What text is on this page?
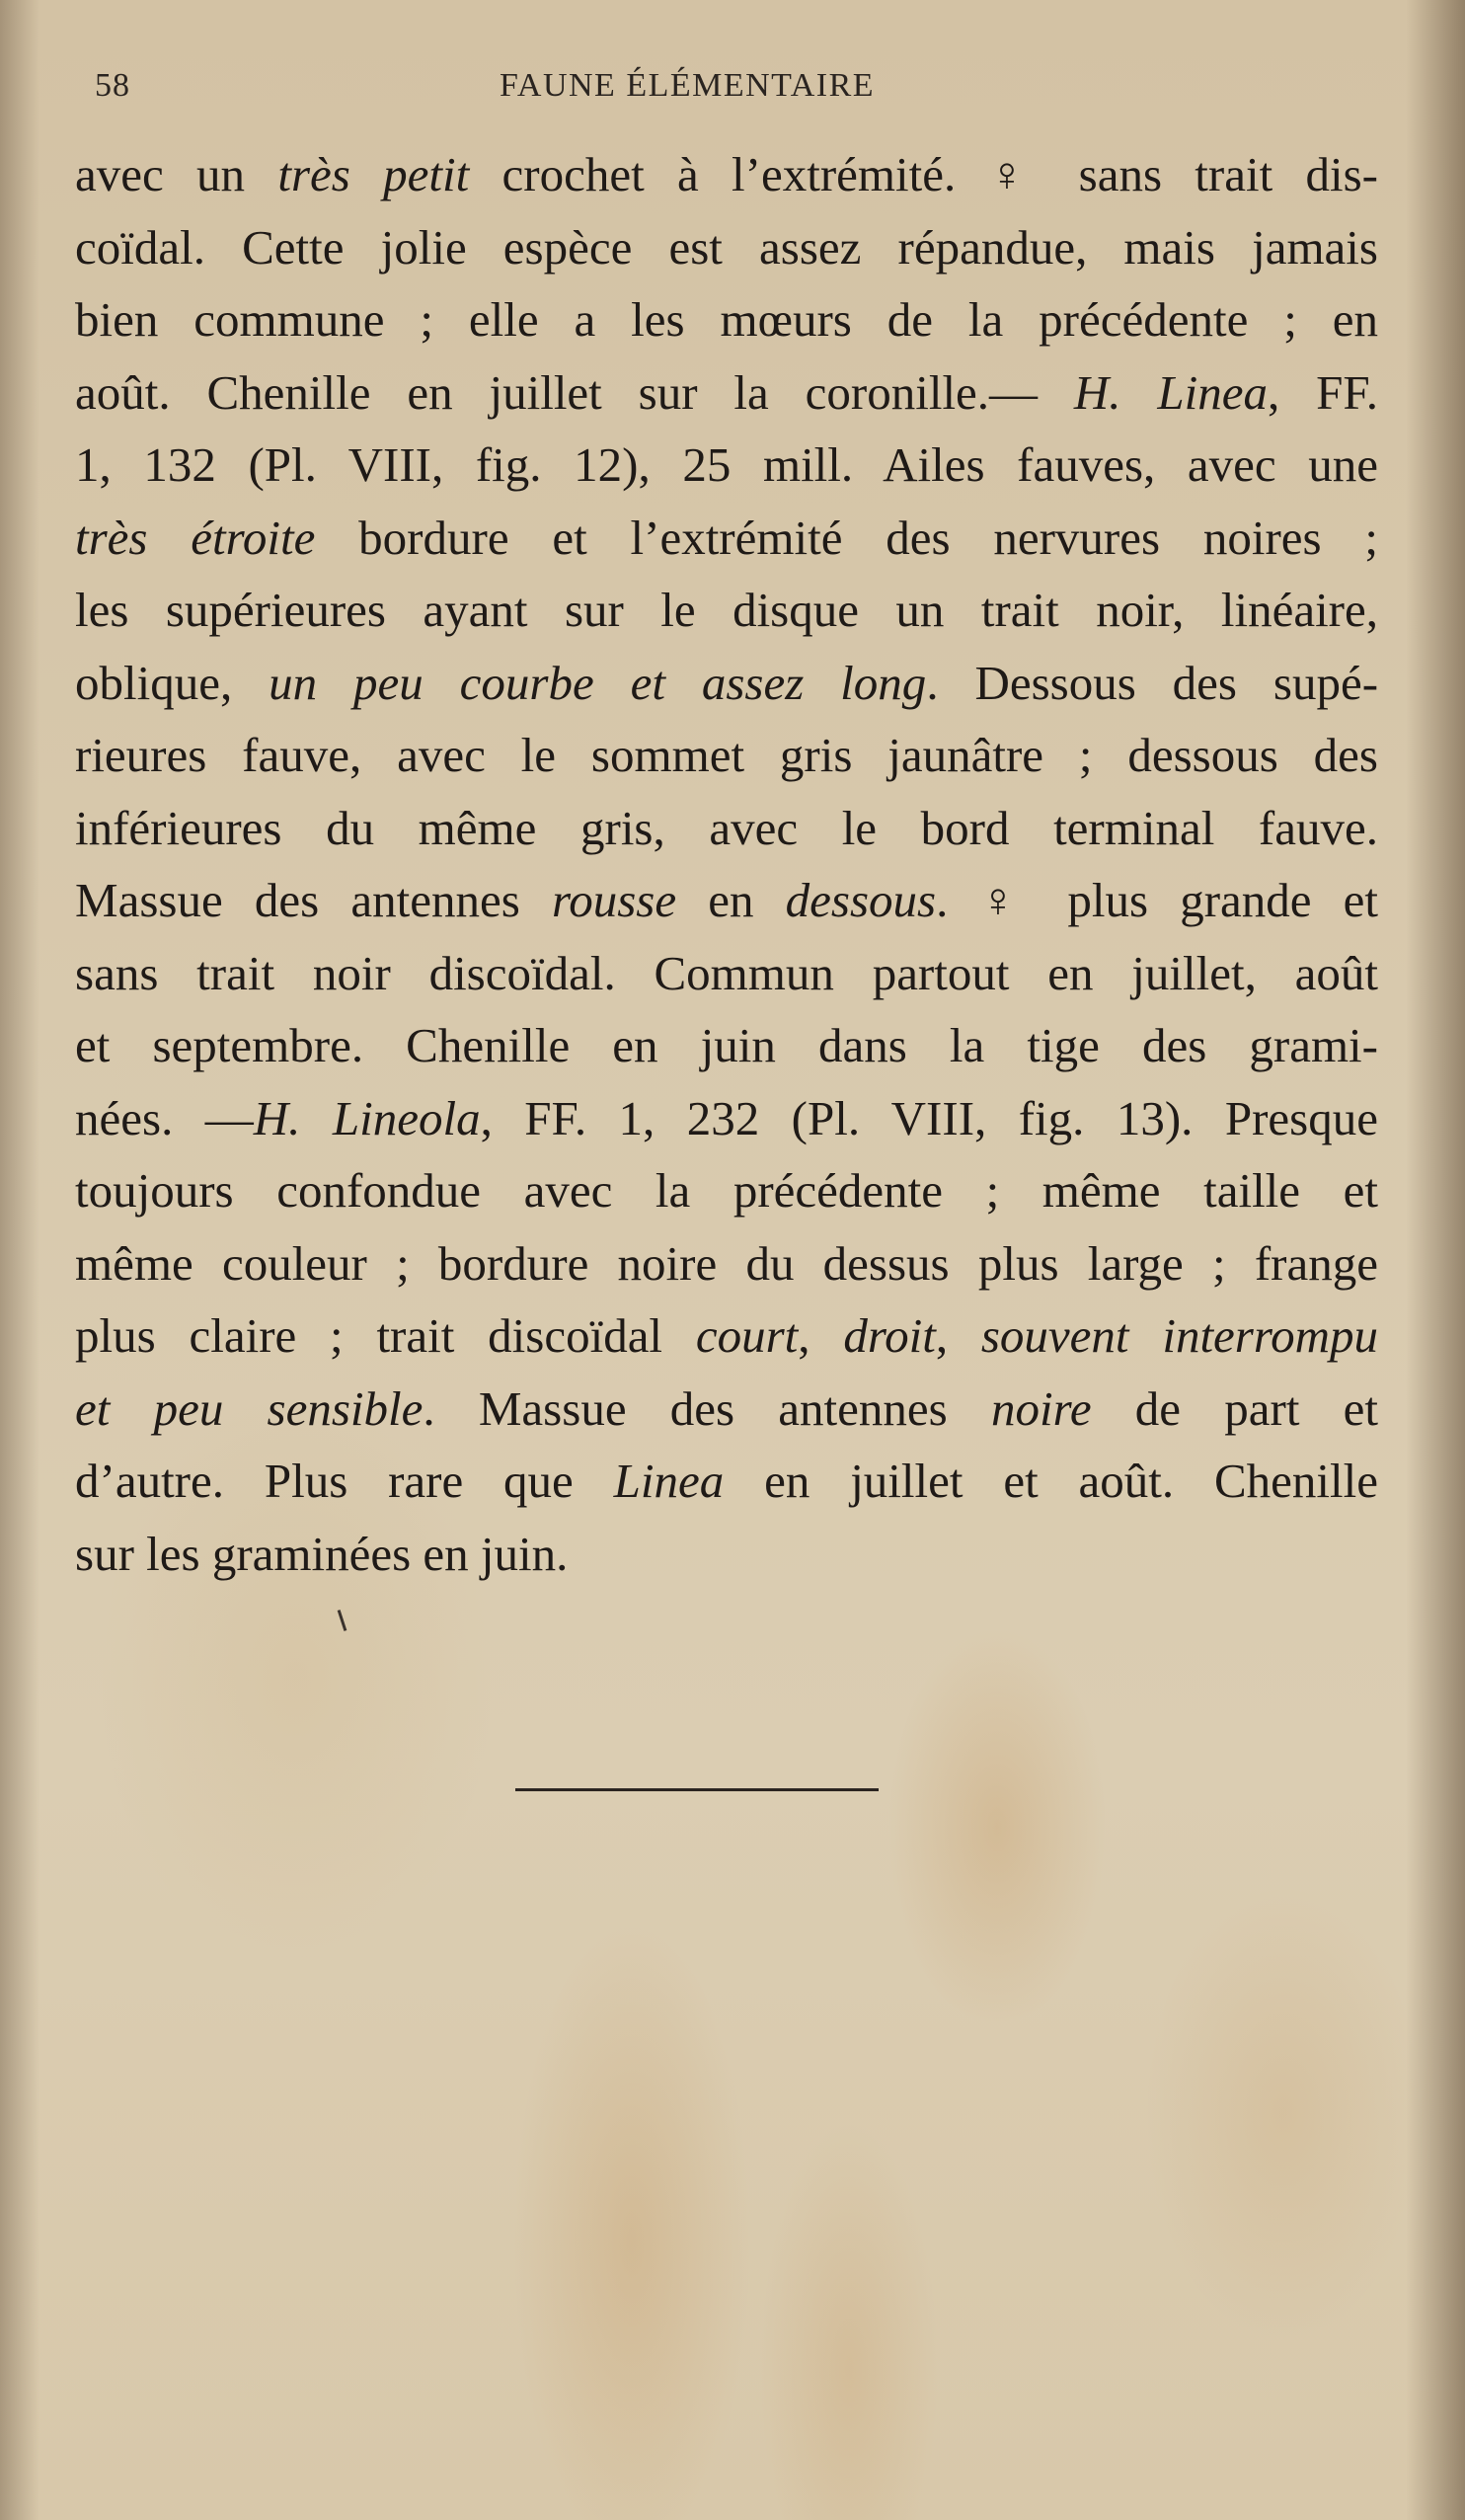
58	FAUNE ÉLÉMENTAIRE
avec un très petit crochet à l’extrémité. ♀ sans trait dis-
coïdal. Cette jolie espèce est assez répandue, mais jamais
bien commune ; elle a les mœurs de la précédente ; en
août. Chenille en juillet sur la coronille.— H. Linea, FF.
1, 132 (Pl. VIII, fig. 12), 25 mill. Ailes fauves, avec une
très étroite bordure et l’extrémité des nervures noires ;
les supérieures ayant sur le disque un trait noir, linéaire,
oblique, un peu courbe et assez long. Dessous des supé-
rieures fauve, avec le sommet gris jaunâtre ; dessous des
inférieures du même gris, avec le bord terminal fauve.
Massue des antennes rousse en dessous. ♀ plus grande et
sans trait noir discoïdal. Commun partout en juillet, août
et septembre. Chenille en juin dans la tige des grami-
nées. —H. Lineola, FF. 1, 232 (Pl. VIII, fig. 13). Presque
toujours confondue avec la précédente ; même taille et
même couleur ; bordure noire du dessus plus large ; frange
plus claire ; trait discoïdal court, droit, souvent interrompu
et peu sensible. Massue des antennes noire de part et
d’autre. Plus rare que Linea en juillet et août. Chenille
sur les graminées en juin.
